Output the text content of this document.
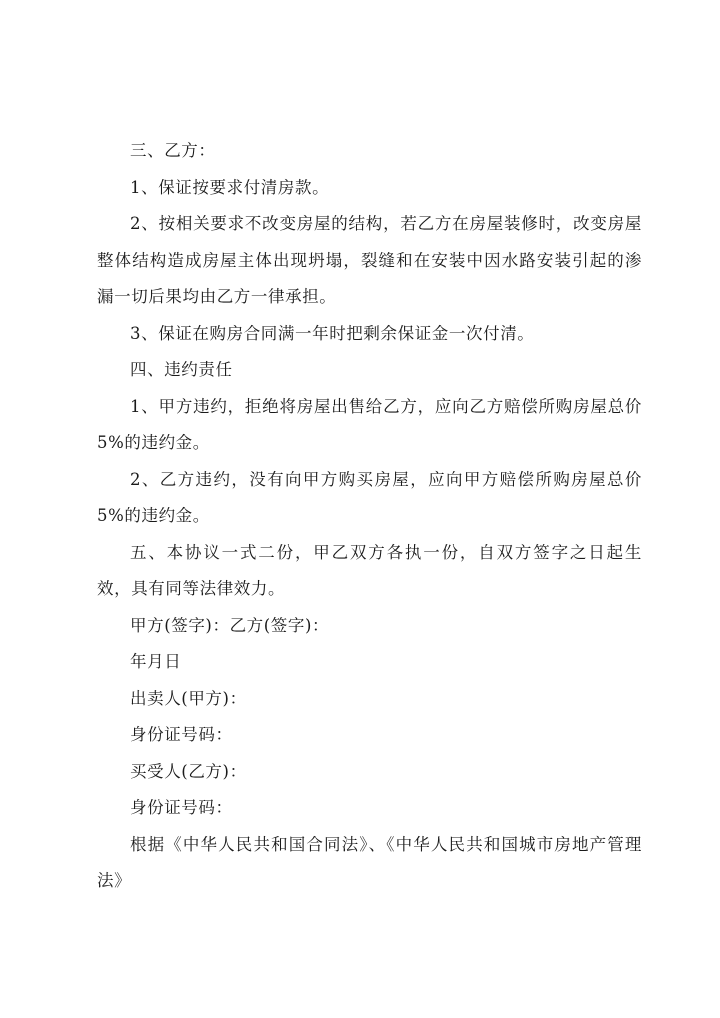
三、乙方：

1、保证按要求付清房款。

2、按相关要求不改变房屋的结构，若乙方在房屋装修时，改变房屋整体结构造成房屋主体出现坍塌，裂缝和在安装中因水路安装引起的渗漏一切后果均由乙方一律承担。

3、保证在购房合同满一年时把剩余保证金一次付清。

四、违约责任

1、甲方违约，拒绝将房屋出售给乙方，应向乙方赔偿所购房屋总价5%的违约金。

2、乙方违约，没有向甲方购买房屋，应向甲方赔偿所购房屋总价5%的违约金。

五、本协议一式二份，甲乙双方各执一份，自双方签字之日起生效，具有同等法律效力。

甲方(签字)：乙方(签字)：

年月日

出卖人(甲方)：

身份证号码：

买受人(乙方)：

身份证号码：

根据《中华人民共和国合同法》、《中华人民共和国城市房地产管理法》
